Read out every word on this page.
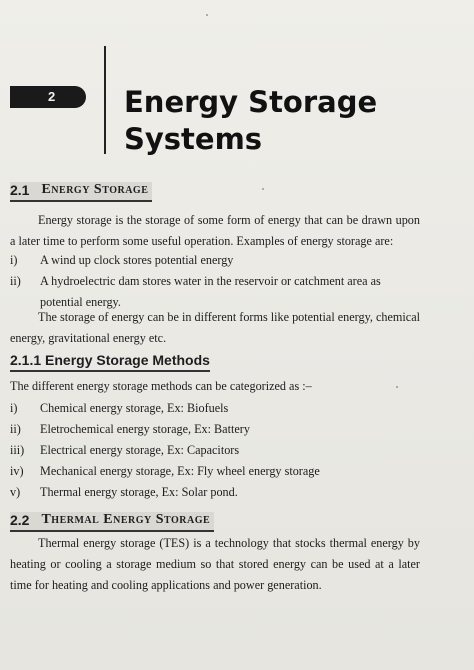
2 Energy Storage
Systems
2.1 Energy Storage

Energy storage is the storage of some form of energy that can be drawn upon a later time to perform some useful operation. Examples of energy storage are:

i)	A wind up clock stores potential energy
ii)	A hydroelectric dam stores water in the reservoir or catchment area as potential energy.

The storage of energy can be in different forms like potential energy, chemical energy, gravitational energy etc.

2.1.1 Energy Storage Methods

The different energy storage methods can be categorized as :–

i)	Chemical energy storage, Ex: Biofuels
ii)	Eletrochemical energy storage, Ex: Battery
iii)	Electrical energy storage, Ex: Capacitors
iv)	Mechanical energy storage, Ex: Fly wheel energy storage
v)	Thermal energy storage, Ex: Solar pond.
2.2 Thermal Energy Storage

Thermal energy storage (TES) is a technology that stocks thermal energy by heating or cooling a storage medium so that stored energy can be used at a later time for heating and cooling applications and power generation.
